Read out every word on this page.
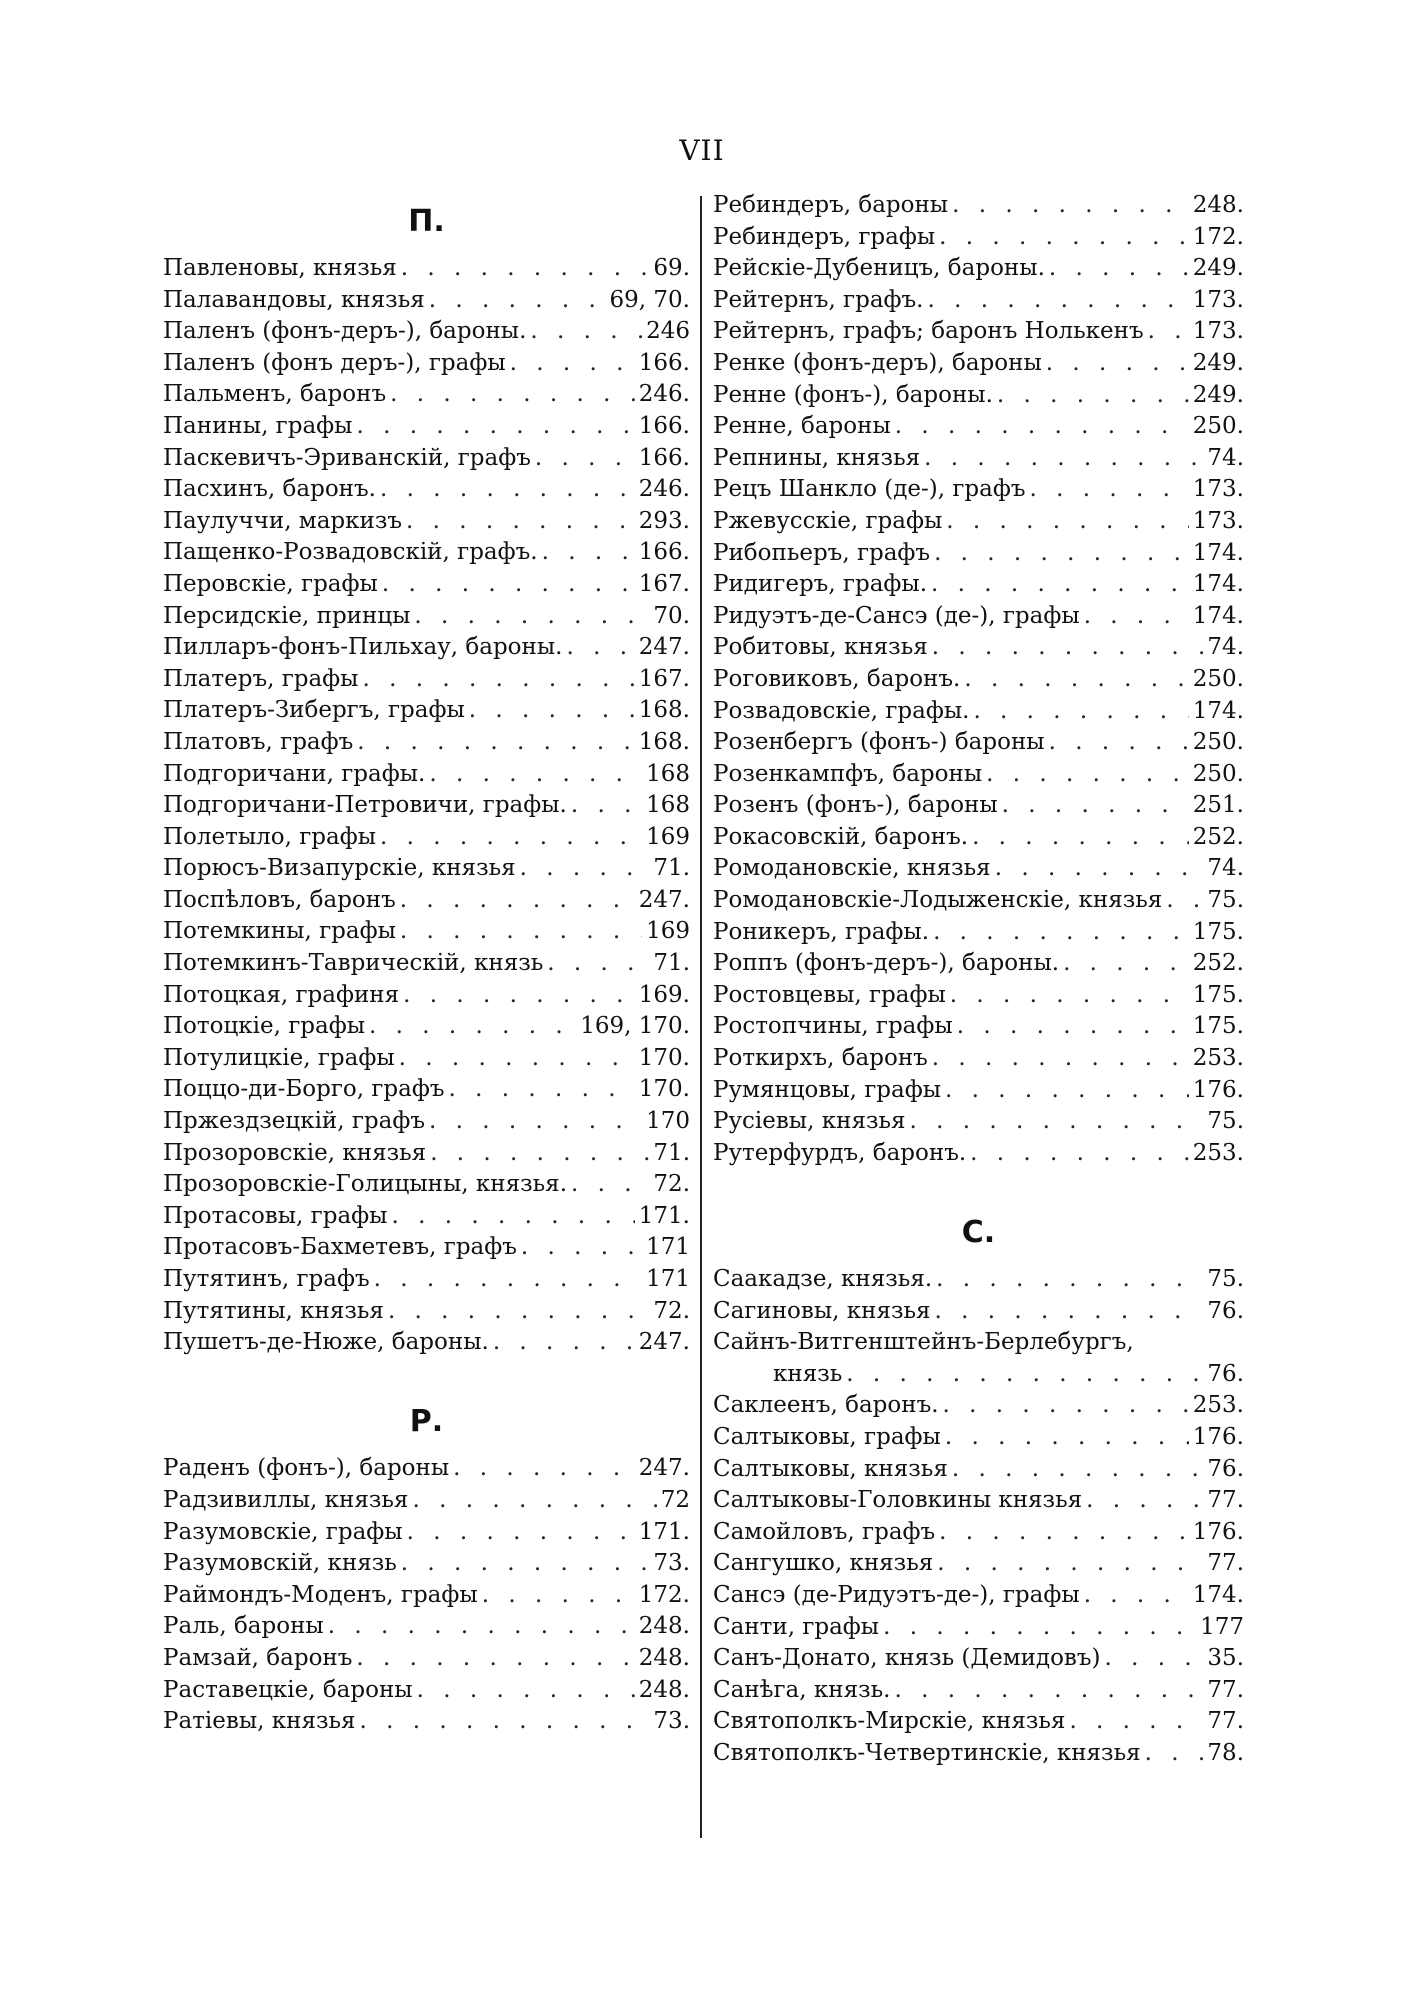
VII
П.
Павленовы, князья . . .	69.
Палавандовы, князья . . .	69, 70.
Паленъ (фонъ-деръ-), бароны. . . .	246
Паленъ (фонъ деръ-), графы . . .	166.
Пальменъ, баронъ . . .	246.
Панины, графы . . .	166.
Паскевичъ-Эриванскій, графъ . . .	166.
Пасхинъ, баронъ. . . .	246.
Паулуччи, маркизъ . . .	293.
Пащенко-Розвадовскій, графъ. . . .	166.
Перовскіе, графы . . .	167.
Персидскіе, принцы . . .	70.
Пилларъ-фонъ-Пильхау, бароны. . . .	247.
Платеръ, графы . . .	167.
Платеръ-Зибергъ, графы . . .	168.
Платовъ, графъ . . .	168.
Подгоричани, графы. . . .	168
Подгоричани-Петровичи, графы. . . .	168
Полетыло, графы . . .	169
Порюсъ-Визапурскіе, князья . . .	71.
Поспѣловъ, баронъ . . .	247.
Потемкины, графы . . .	169
Потемкинъ-Таврическій, князь . . .	71.
Потоцкая, графиня . . .	169.
Потоцкіе, графы . . .	169, 170.
Потулицкіе, графы . . .	170.
Поццо-ди-Борго, графъ . . .	170.
Пржездзецкій, графъ . . .	170
Прозоровскіе, князья . . .	71.
Прозоровскіе-Голицыны, князья. . . .	72.
Протасовы, графы . . .	171.
Протасовъ-Бахметевъ, графъ . . .	171
Путятинъ, графъ . . .	171
Путятины, князья . . .	72.
Пушетъ-де-Нюже, бароны. . . .	247.
Р.
Раденъ (фонъ-), бароны . . .	247.
Радзивиллы, князья . . .	72
Разумовскіе, графы . . .	171.
Разумовскій, князь . . .	73.
Раймондъ-Моденъ, графы . . .	172.
Раль, бароны . . .	248.
Рамзай, баронъ . . .	248.
Раставецкіе, бароны . . .	248.
Ратіевы, князья . . .	73.
Ребиндеръ, бароны . . .	248.
Ребиндеръ, графы . . .	172.
Рейскіе-Дубеницъ, бароны. . . .	249.
Рейтернъ, графъ. . . .	173.
Рейтернъ, графъ; баронъ Нолькенъ . . . 173.
Ренке (фонъ-деръ), бароны . . .	249.
Ренне (фонъ-), бароны. . . .	249.
Ренне, бароны . . .	250.
Репнины, князья . . .	74.
Рецъ Шанкло (де-), графъ . . .	173.
Ржевусскіе, графы . . .	173.
Рибопьеръ, графъ . . .	174.
Ридигеръ, графы. . . .	174.
Ридуэтъ-де-Сансэ (де-), графы . . .	174.
Робитовы, князья . . .	74.
Роговиковъ, баронъ. . . .	250.
Розвадовскіе, графы. . . .	174.
Розенбергъ (фонъ-) бароны . . .	250.
Розенкампфъ, бароны . . .	250.
Розенъ (фонъ-), бароны . . .	251.
Рокасовскій, баронъ. . . .	252.
Ромодановскіе, князья . . .	74.
Ромодановскіе-Лодыженскіе, князья . . . 75.
Роникеръ, графы. . . .	175.
Роппъ (фонъ-деръ-), бароны. . . .	252.
Ростовцевы, графы . . .	175.
Ростопчины, графы . . .	175.
Роткирхъ, баронъ . . .	253.
Румянцовы, графы . . .	176.
Русіевы, князья . . .	75.
Рутерфурдъ, баронъ. . . .	253.
С.
Саакадзе, князья. . . .	75.
Сагиновы, князья . . .	76.
Сайнъ-Витгенштейнъ-Берлебургъ,
князь . . .	76.
Саклеенъ, баронъ. . . .	253.
Салтыковы, графы . . .	176.
Салтыковы, князья . . .	76.
Салтыковы-Головкины князья . . .	77.
Самойловъ, графъ . . .	176.
Сангушко, князья . . .	77.
Сансэ (де-Ридуэтъ-де-), графы . . .	174.
Санти, графы . . .	177
Санъ-Донато, князь (Демидовъ) . . .	35.
Санѣга, князь. . . .	77.
Святополкъ-Мирскіе, князья . . .	77.
Святополкъ-Четвертинскіе, князья . . .	78.
